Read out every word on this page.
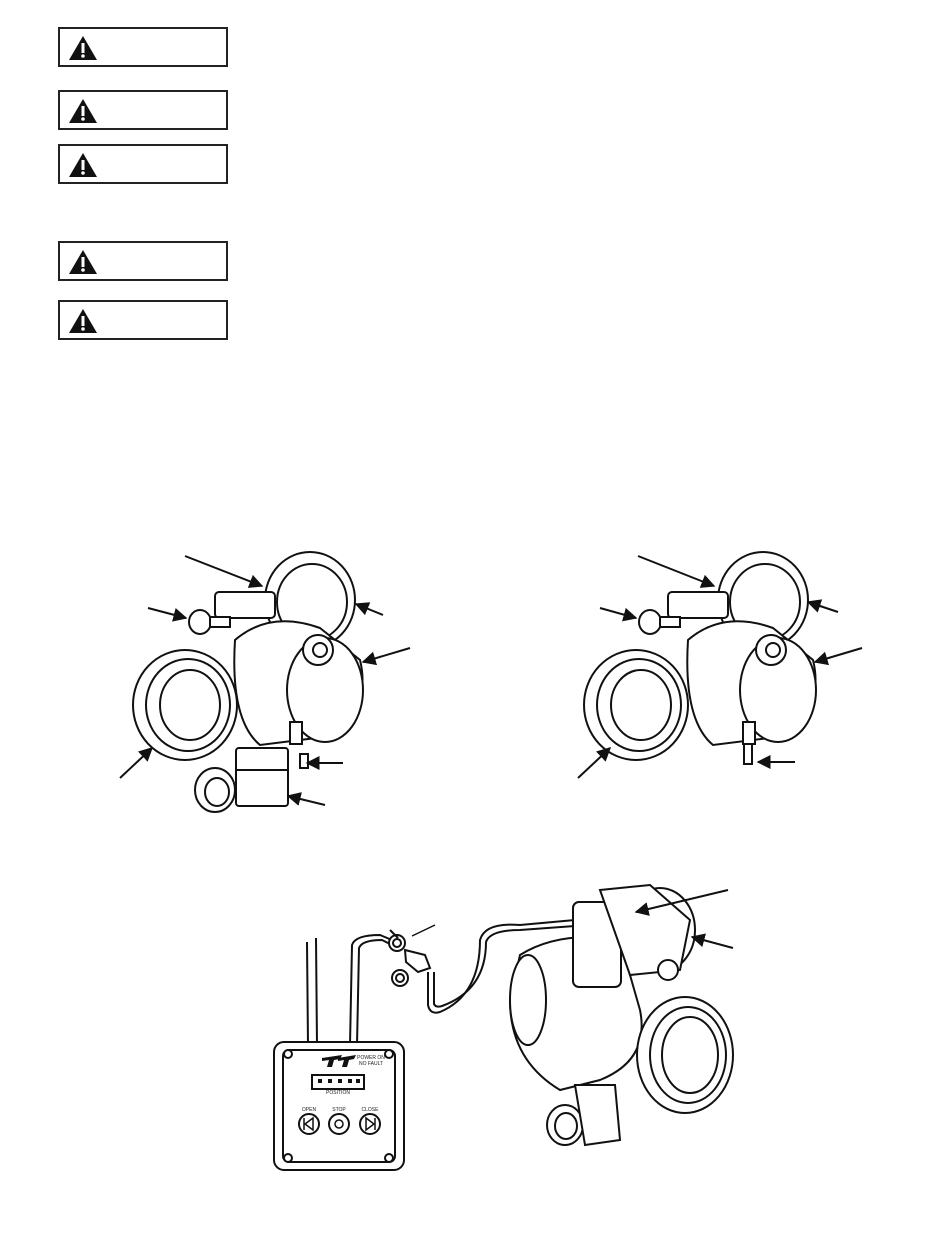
POWER ON NO FAULT
POSITION
OPEN	STOP	CLOSE
